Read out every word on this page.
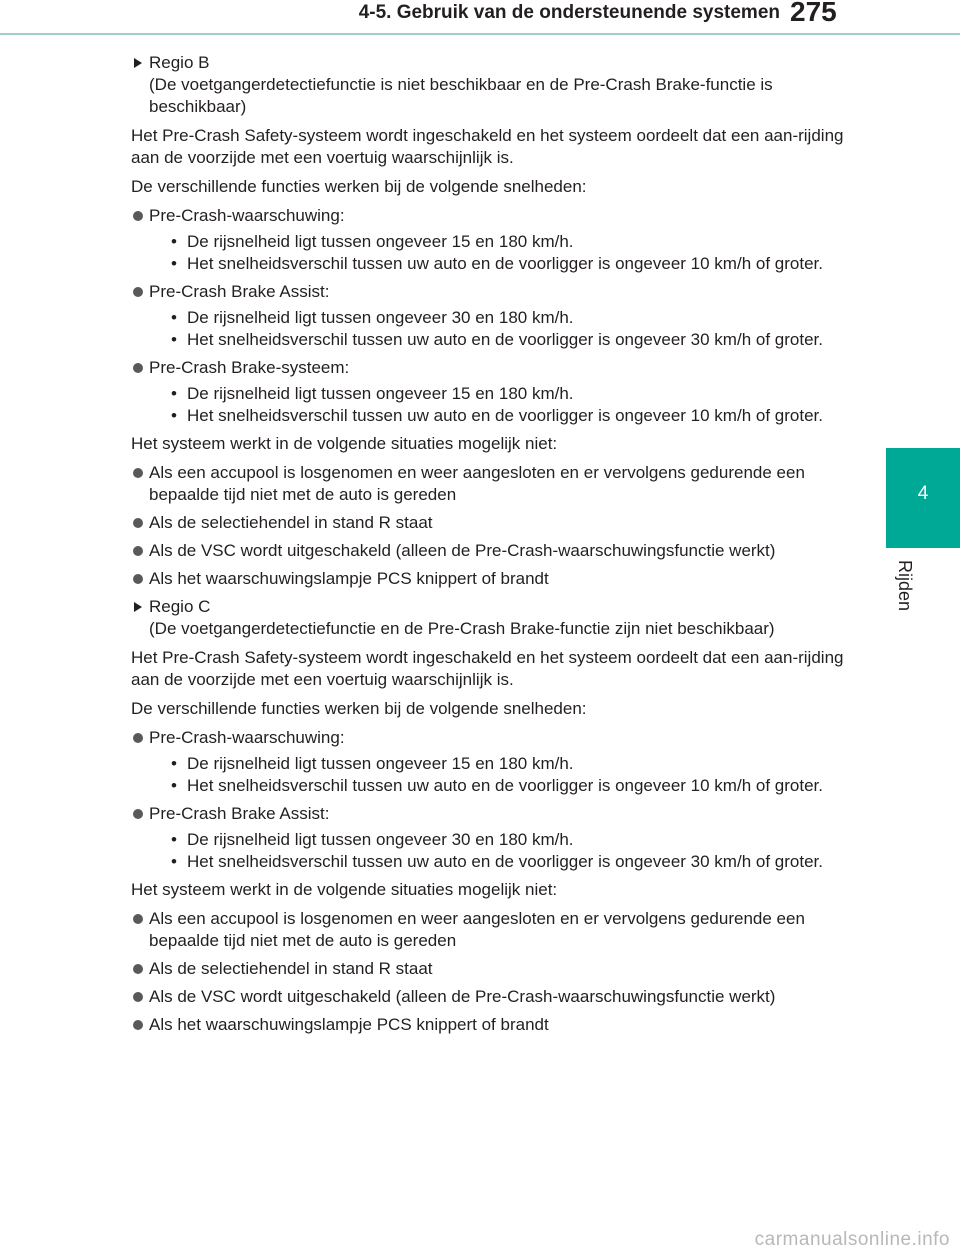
4-5. Gebruik van de ondersteunende systemen 275
4
Rijden
Regio B
(De voetgangerdetectiefunctie is niet beschikbaar en de Pre-Crash Brake-functie is
beschikbaar)
Het Pre-Crash Safety-systeem wordt ingeschakeld en het systeem oordeelt dat een aan-rijding aan de voorzijde met een voertuig waarschijnlijk is.
De verschillende functies werken bij de volgende snelheden:
Pre-Crash-waarschuwing:
• De rijsnelheid ligt tussen ongeveer 15 en 180 km/h.
• Het snelheidsverschil tussen uw auto en de voorligger is ongeveer 10 km/h of groter.
Pre-Crash Brake Assist:
• De rijsnelheid ligt tussen ongeveer 30 en 180 km/h.
• Het snelheidsverschil tussen uw auto en de voorligger is ongeveer 30 km/h of groter.
Pre-Crash Brake-systeem:
• De rijsnelheid ligt tussen ongeveer 15 en 180 km/h.
• Het snelheidsverschil tussen uw auto en de voorligger is ongeveer 10 km/h of groter.
Het systeem werkt in de volgende situaties mogelijk niet:
Als een accupool is losgenomen en weer aangesloten en er vervolgens gedurende een bepaalde tijd niet met de auto is gereden
Als de selectiehendel in stand R staat
Als de VSC wordt uitgeschakeld (alleen de Pre-Crash-waarschuwingsfunctie werkt)
Als het waarschuwingslampje PCS knippert of brandt
Regio C
(De voetgangerdetectiefunctie en de Pre-Crash Brake-functie zijn niet beschikbaar)
Het Pre-Crash Safety-systeem wordt ingeschakeld en het systeem oordeelt dat een aan-rijding aan de voorzijde met een voertuig waarschijnlijk is.
De verschillende functies werken bij de volgende snelheden:
Pre-Crash-waarschuwing:
• De rijsnelheid ligt tussen ongeveer 15 en 180 km/h.
• Het snelheidsverschil tussen uw auto en de voorligger is ongeveer 10 km/h of groter.
Pre-Crash Brake Assist:
• De rijsnelheid ligt tussen ongeveer 30 en 180 km/h.
• Het snelheidsverschil tussen uw auto en de voorligger is ongeveer 30 km/h of groter.
Het systeem werkt in de volgende situaties mogelijk niet:
Als een accupool is losgenomen en weer aangesloten en er vervolgens gedurende een bepaalde tijd niet met de auto is gereden
Als de selectiehendel in stand R staat
Als de VSC wordt uitgeschakeld (alleen de Pre-Crash-waarschuwingsfunctie werkt)
Als het waarschuwingslampje PCS knippert of brandt
carmanualsonline.info
